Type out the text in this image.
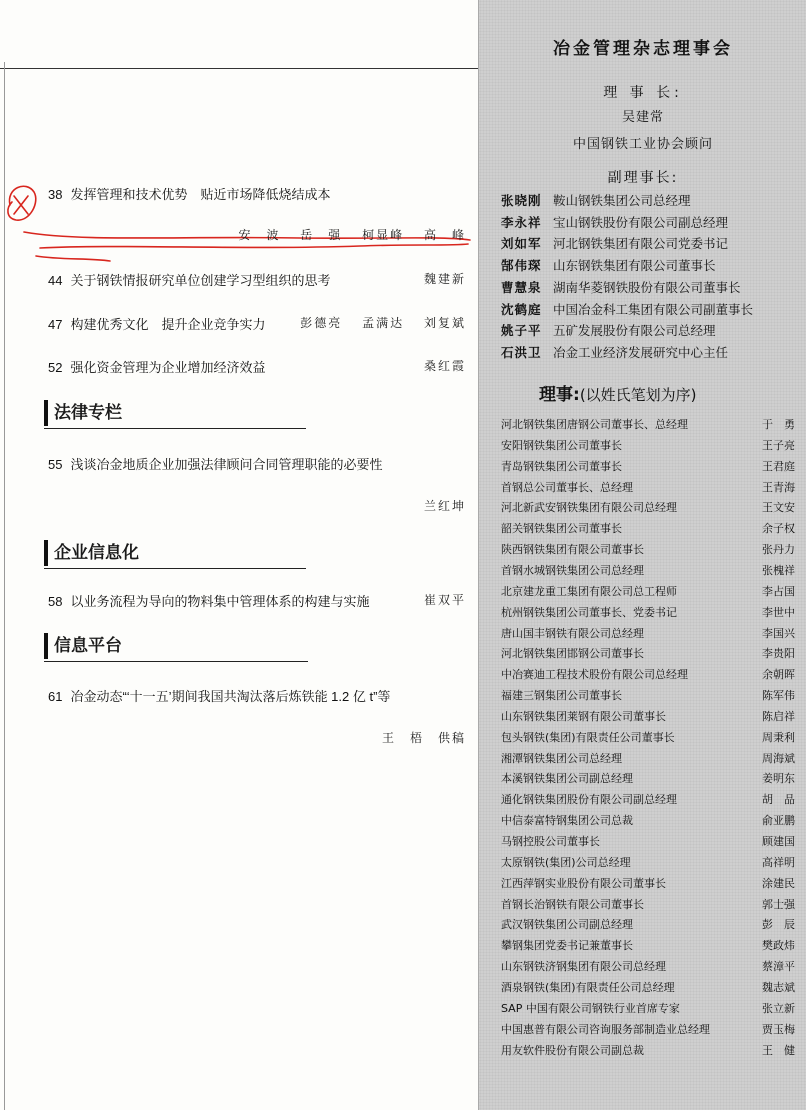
38 发挥管理和技术优势　贴近市场降低烧结成本
安　波 岳　强 柯显峰 高　峰
44 关于钢铁情报研究单位创建学习型组织的思考	魏建新
47 构建优秀文化　提升企业竞争实力	彭德亮 孟满达 刘复斌
52 强化资金管理为企业增加经济效益	桑红霞
法律专栏
55 浅谈冶金地质企业加强法律顾问合同管理职能的必要性
兰红坤
企业信息化
58 以业务流程为导向的物料集中管理体系的构建与实施	崔双平
信息平台
61 冶金动态“‘十一五’期间我国共淘汰落后炼铁能 1.2 亿 t”等
王　梧　供稿
冶金管理杂志理事会
理 事 长:
吴建常
中国钢铁工业协会顾问
副理事长:
张晓刚 鞍山钢铁集团公司总经理
李永祥 宝山钢铁股份有限公司副总经理
刘如军 河北钢铁集团有限公司党委书记
郜伟琛 山东钢铁集团有限公司董事长
曹慧泉 湖南华菱钢铁股份有限公司董事长
沈鹤庭 中国冶金科工集团有限公司副董事长
姚子平 五矿发展股份有限公司总经理
石洪卫 冶金工业经济发展研究中心主任
理事:(以姓氏笔划为序)
河北钢铁集团唐钢公司董事长、总经理	于　勇
安阳钢铁集团公司董事长	王子亮
青岛钢铁集团公司董事长	王君庭
首钢总公司董事长、总经理	王青海
河北新武安钢铁集团有限公司总经理	王文安
韶关钢铁集团公司董事长	余子权
陕西钢铁集团有限公司董事长	张丹力
首钢水城钢铁集团公司总经理	张槐祥
北京建龙重工集团有限公司总工程师	李占国
杭州钢铁集团公司董事长、党委书记	李世中
唐山国丰钢铁有限公司总经理	李国兴
河北钢铁集团邯钢公司董事长	李贵阳
中冶赛迪工程技术股份有限公司总经理	余朝晖
福建三钢集团公司董事长	陈军伟
山东钢铁集团莱钢有限公司董事长	陈启祥
包头钢铁(集团)有限责任公司董事长	周秉利
湘潭钢铁集团公司总经理	周海斌
本溪钢铁集团公司副总经理	姜明东
通化钢铁集团股份有限公司副总经理	胡　品
中信泰富特钢集团公司总裁	俞亚鹏
马钢控股公司董事长	顾建国
太原钢铁(集团)公司总经理	高祥明
江西萍钢实业股份有限公司董事长	涂建民
首钢长治钢铁有限公司董事长	郭士强
武汉钢铁集团公司副总经理	彭　辰
攀钢集团党委书记兼董事长	樊政炜
山东钢铁济钢集团有限公司总经理	蔡漳平
酒泉钢铁(集团)有限责任公司总经理	魏志斌
SAP 中国有限公司钢铁行业首席专家	张立新
中国惠普有限公司咨询服务部制造业总经理	贾玉梅
用友软件股份有限公司副总裁	王　健
